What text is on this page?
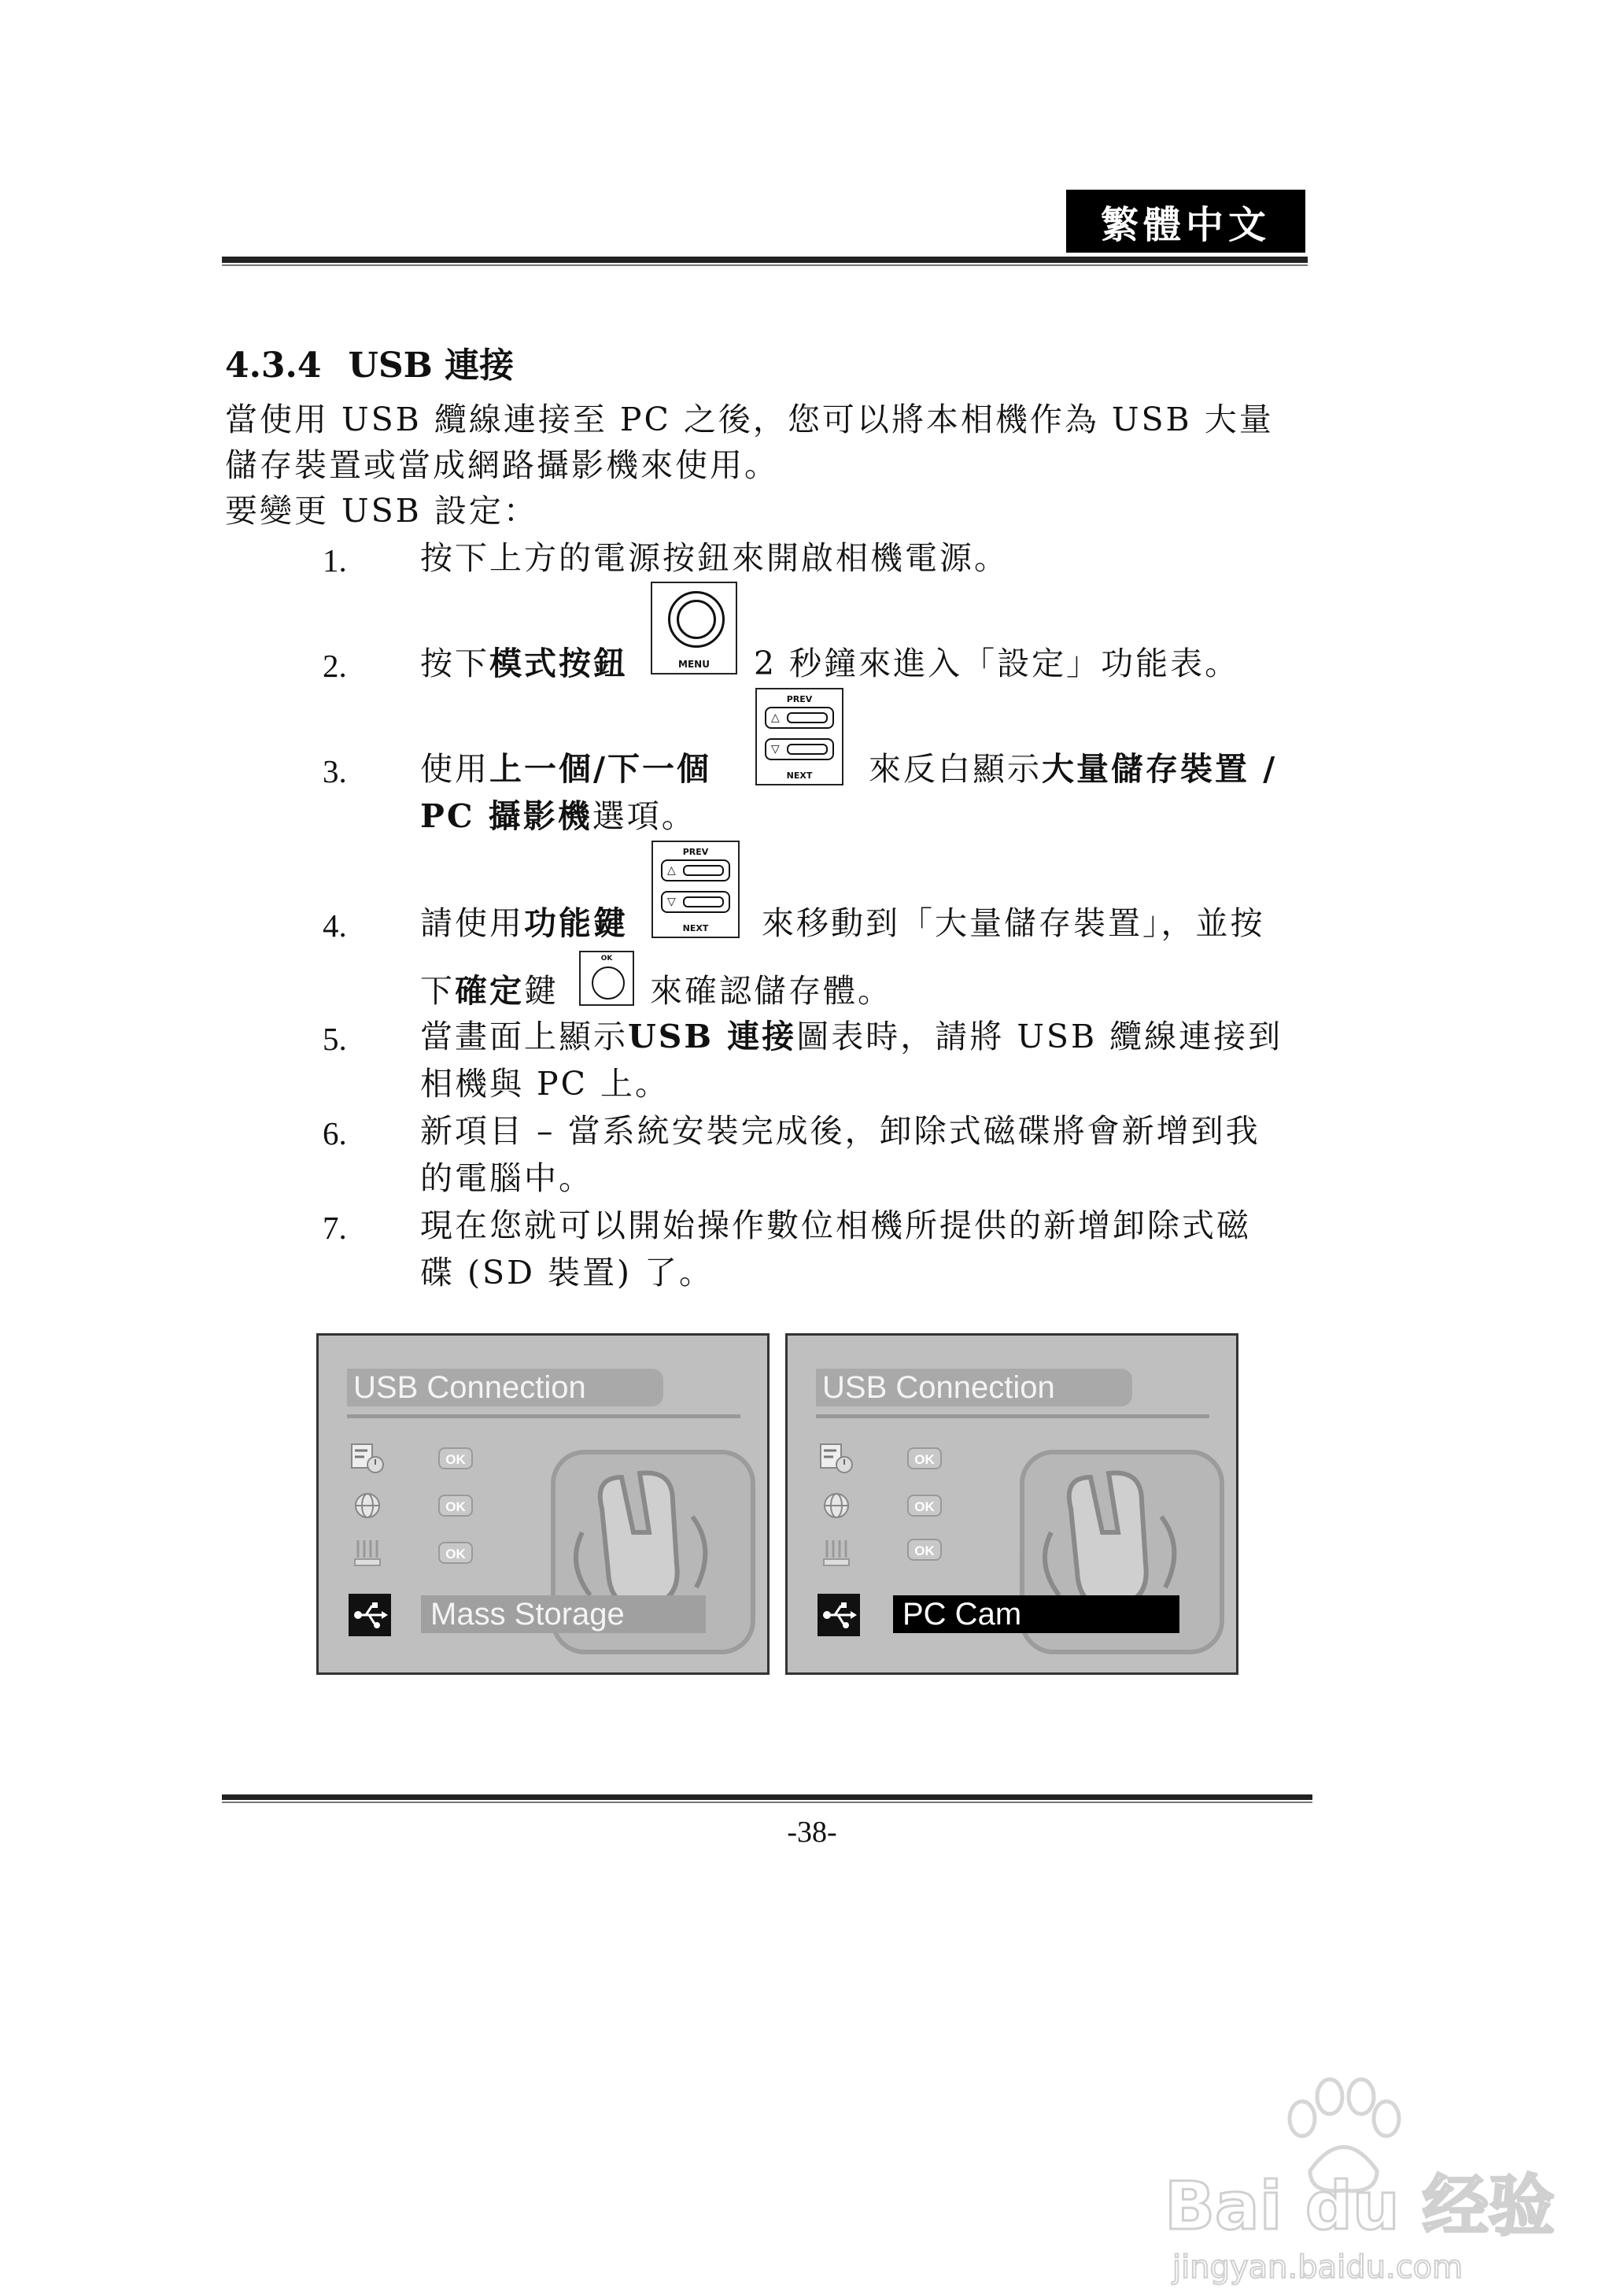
繁體中文
4.3.4 USB 連接
當使用 USB 纜線連接至 PC 之後，您可以將本相機作為 USB 大量
儲存裝置或當成網路攝影機來使用。
要變更 USB 設定：
1. 按下上方的電源按鈕來開啟相機電源。
2. 按下模式按鈕	MENU	2 秒鐘來進入「設定」功能表。
3. 使用上一個/下一個
PREV
△
▽
NEXT	來反白顯示大量儲存裝置 /
PC 攝影機選項。
4. 請使用功能鍵
PREV
△
▽
NEXT	來移動到「大量儲存裝置」，並按
下確定鍵
OK
來確認儲存體。
5. 當畫面上顯示USB 連接圖表時，請將 USB 纜線連接到
相機與 PC 上。
6. 新項目 – 當系統安裝完成後，卸除式磁碟將會新增到我
的電腦中。
7. 現在您就可以開始操作數位相機所提供的新增卸除式磁
碟 (SD 裝置) 了。
USB Connection
OK
OK
OK
Mass Storage
USB Connection
OK
OK
OK
PC Cam
-38-
Bai du 经验
jingyan.baidu.com
